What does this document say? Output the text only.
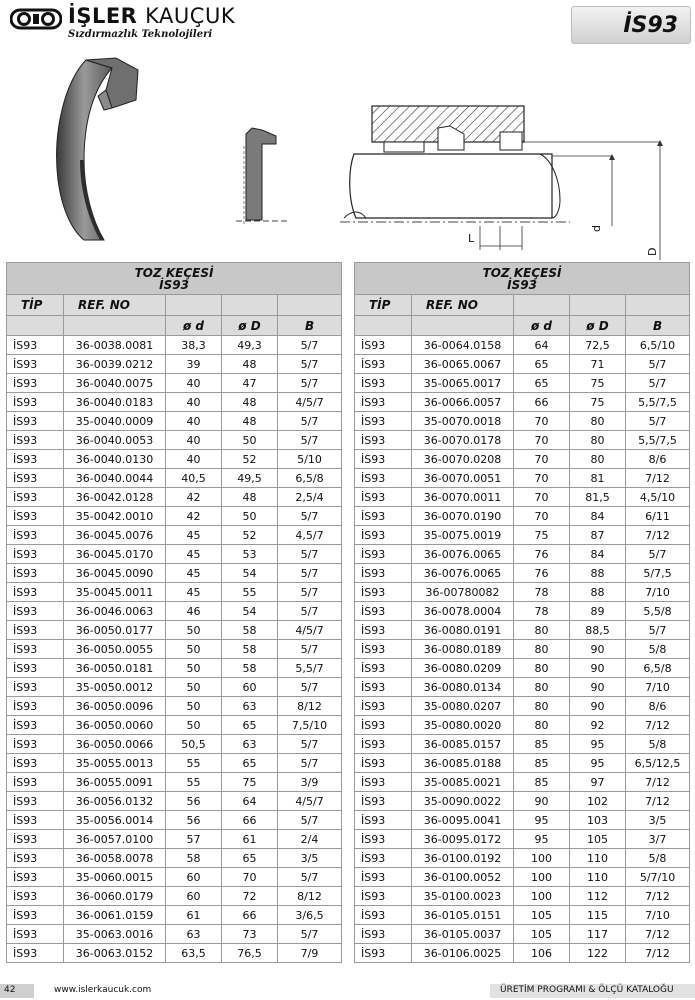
İŞLER KAUÇUK
Sızdırmazlık Teknolojileri	İS93
L
d
D
TOZ KEÇESİ
İS93				
TİP	REF. NO			
		ø d	ø D	B
İS93	36-0038.0081	38,3	49,3	5/7
İS93	36-0039.0212	39	48	5/7
İS93	36-0040.0075	40	47	5/7
İS93	36-0040.0183	40	48	4/5/7
İS93	35-0040.0009	40	48	5/7
İS93	36-0040.0053	40	50	5/7
İS93	36-0040.0130	40	52	5/10
İS93	36-0040.0044	40,5	49,5	6,5/8
İS93	36-0042.0128	42	48	2,5/4
İS93	35-0042.0010	42	50	5/7
İS93	36-0045.0076	45	52	4,5/7
İS93	36-0045.0170	45	53	5/7
İS93	36-0045.0090	45	54	5/7
İS93	35-0045.0011	45	55	5/7
İS93	36-0046.0063	46	54	5/7
İS93	36-0050.0177	50	58	4/5/7
İS93	36-0050.0055	50	58	5/7
İS93	36-0050.0181	50	58	5,5/7
İS93	35-0050.0012	50	60	5/7
İS93	36-0050.0096	50	63	8/12
İS93	36-0050.0060	50	65	7,5/10
İS93	36-0050.0066	50,5	63	5/7
İS93	35-0055.0013	55	65	5/7
İS93	36-0055.0091	55	75	3/9
İS93	36-0056.0132	56	64	4/5/7
İS93	35-0056.0014	56	66	5/7
İS93	36-0057.0100	57	61	2/4
İS93	36-0058.0078	58	65	3/5
İS93	35-0060.0015	60	70	5/7
İS93	36-0060.0179	60	72	8/12
İS93	36-0061.0159	61	66	3/6,5
İS93	35-0063.0016	63	73	5/7
İS93	36-0063.0152	63,5	76,5	7/9
TOZ KEÇESİ
İS93				
TİP	REF. NO			
		ø d	ø D	B
İS93	36-0064.0158	64	72,5	6,5/10
İS93	36-0065.0067	65	71	5/7
İS93	35-0065.0017	65	75	5/7
İS93	36-0066.0057	66	75	5,5/7,5
İS93	35-0070.0018	70	80	5/7
İS93	36-0070.0178	70	80	5,5/7,5
İS93	36-0070.0208	70	80	8/6
İS93	36-0070.0051	70	81	7/12
İS93	36-0070.0011	70	81,5	4,5/10
İS93	36-0070.0190	70	84	6/11
İS93	35-0075.0019	75	87	7/12
İS93	36-0076.0065	76	84	5/7
İS93	36-0076.0065	76	88	5/7,5
İS93	36-00780082	78	88	7/10
İS93	36-0078.0004	78	89	5,5/8
İS93	36-0080.0191	80	88,5	5/7
İS93	36-0080.0189	80	90	5/8
İS93	36-0080.0209	80	90	6,5/8
İS93	36-0080.0134	80	90	7/10
İS93	35-0080.0207	80	90	8/6
İS93	35-0080.0020	80	92	7/12
İS93	36-0085.0157	85	95	5/8
İS93	36-0085.0188	85	95	6,5/12,5
İS93	35-0085.0021	85	97	7/12
İS93	35-0090.0022	90	102	7/12
İS93	36-0095.0041	95	103	3/5
İS93	36-0095.0172	95	105	3/7
İS93	36-0100.0192	100	110	5/8
İS93	36-0100.0052	100	110	5/7/10
İS93	35-0100.0023	100	112	7/12
İS93	36-0105.0151	105	115	7/10
İS93	36-0105.0037	105	117	7/12
İS93	36-0106.0025	106	122	7/12
42	www.islerkaucuk.com	ÜRETİM PROGRAMI & ÖLÇÜ KATALOĞU
